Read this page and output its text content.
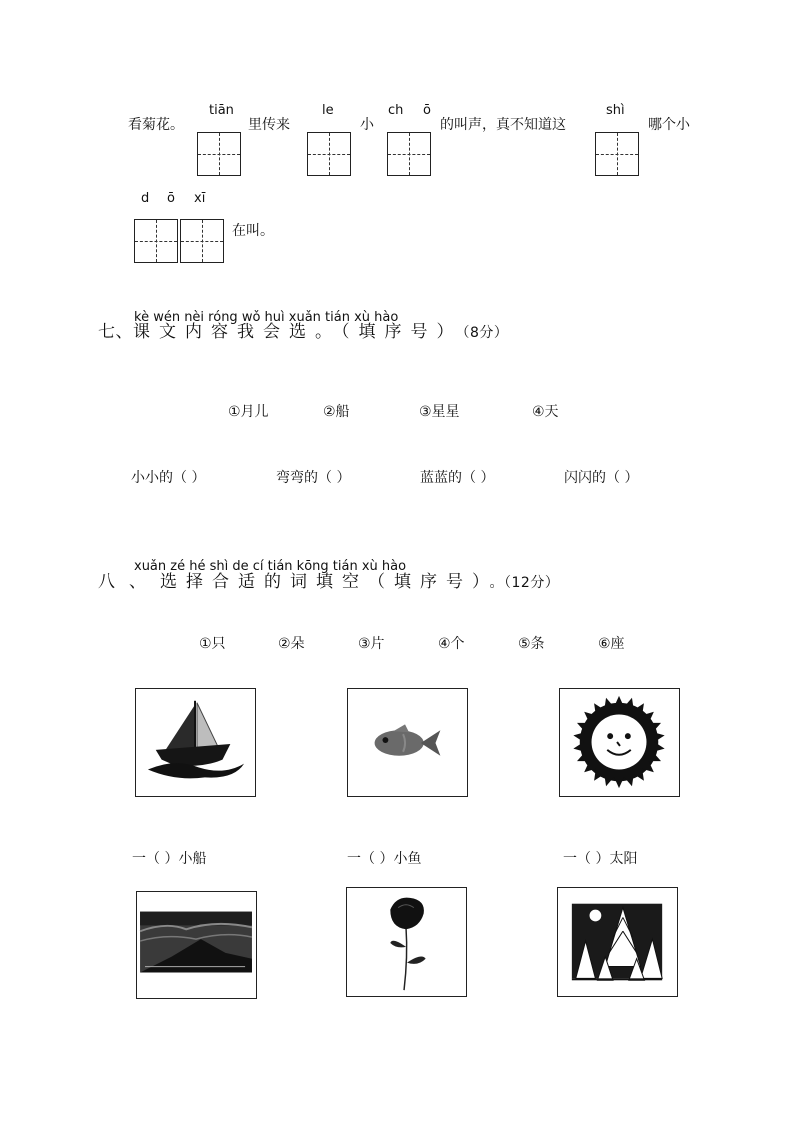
看菊花。
tiān
里传来
le
小
ch ō
的叫声，真不知道这
shì
哪个小
d ō xī
在叫。
kè wén nèi róng wǒ huì xuǎn tián xù hào
七、课文内容我会选。（填序号）（8分）
①月儿	②船	③星星	④天
小小的（ ）	弯弯的（ ）	蓝蓝的（ ）	闪闪的（ ）
xuǎn zé hé shì de cí tián kōng tián xù hào
八、选择合适的词填空（填序号）。（12分）
①只	②朵	③片	④个	⑤条	⑥座
一（ ）小船	一（ ）小鱼	一（ ）太阳
